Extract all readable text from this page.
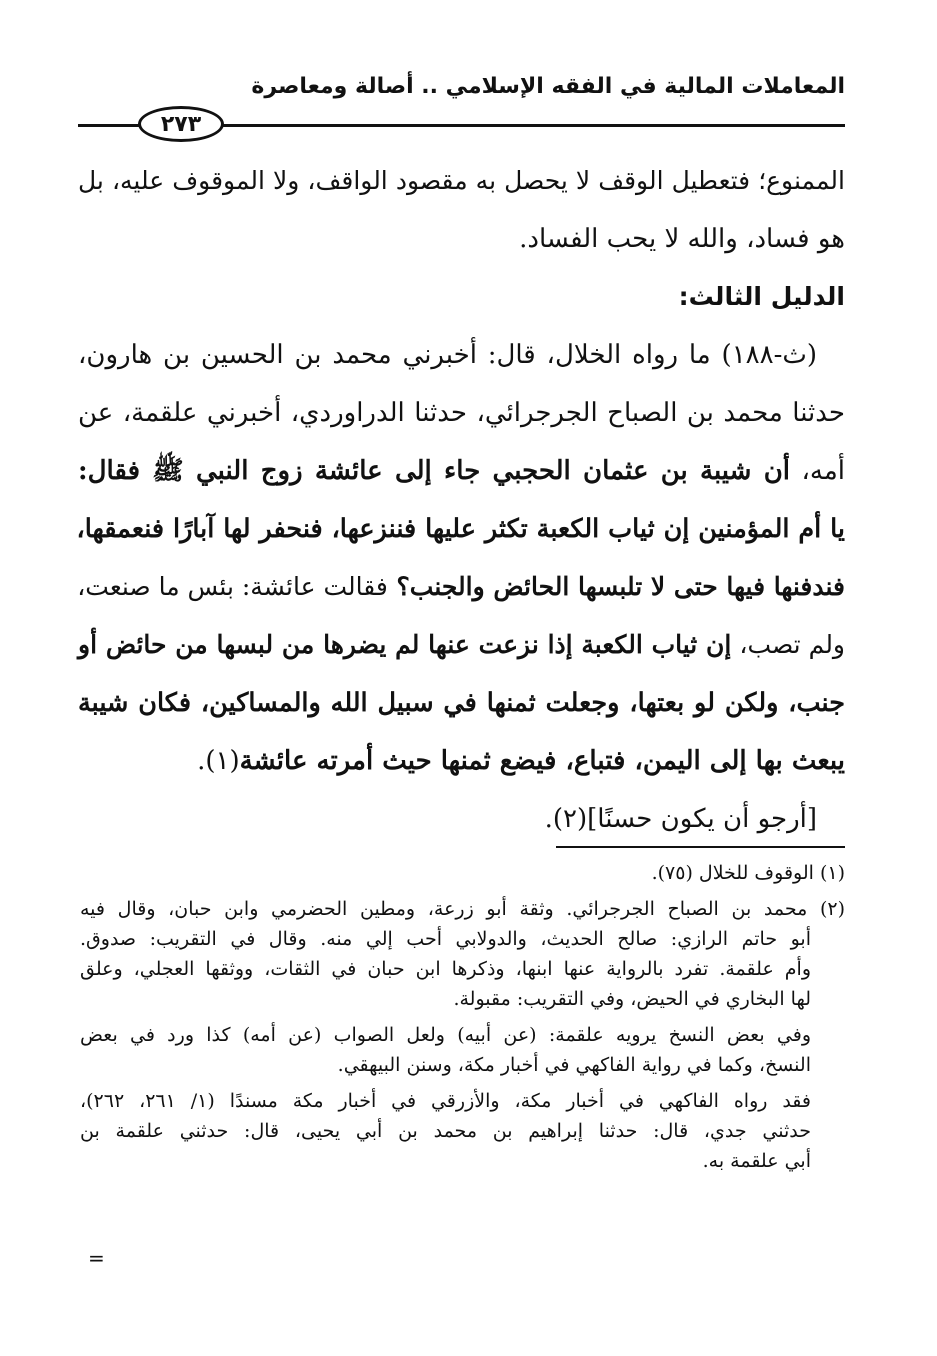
المعاملات المالية في الفقه الإسلامي .. أصالة ومعاصرة
٢٧٣
الممنوع؛ فتعطيل الوقف لا يحصل به مقصود الواقف، ولا الموقوف عليه، بل
هو فساد، والله لا يحب الفساد.
الدليل الثالث:
(ث-١٨٨) ما رواه الخلال، قال: أخبرني محمد بن الحسين بن هارون،
حدثنا محمد بن الصباح الجرجرائي، حدثنا الدراوردي، أخبرني علقمة، عن
أمه، أن شيبة بن عثمان الحجبي جاء إلى عائشة زوج النبي ﷺ فقال:
يا أم المؤمنين إن ثياب الكعبة تكثر عليها فننزعها، فنحفر لها آبارًا فنعمقها،
فندفنها فيها حتى لا تلبسها الحائض والجنب؟ فقالت عائشة: بئس ما صنعت،
ولم تصب، إن ثياب الكعبة إذا نزعت عنها لم يضرها من لبسها من حائض أو
جنب، ولكن لو بعتها، وجعلت ثمنها في سبيل الله والمساكين، فكان شيبة
يبعث بها إلى اليمن، فتباع، فيضع ثمنها حيث أمرته عائشة(١).
[أرجو أن يكون حسنًا](٢).
(١) الوقوف للخلال (٧٥).
(٢) محمد بن الصباح الجرجرائي. وثقة أبو زرعة، ومطين الحضرمي وابن حبان، وقال فيه
أبو حاتم الرازي: صالح الحديث، والدولابي أحب إلي منه. وقال في التقريب: صدوق.
وأم علقمة. تفرد بالرواية عنها ابنها، وذكرها ابن حبان في الثقات، ووثقها العجلي، وعلق
لها البخاري في الحيض، وفي التقريب: مقبولة.
وفي بعض النسخ يرويه علقمة: (عن أبيه) ولعل الصواب (عن أمه) كذا ورد في بعض
النسخ، وكما في رواية الفاكهي في أخبار مكة، وسنن البيهقي.
فقد رواه الفاكهي في أخبار مكة، والأزرقي في أخبار مكة مسندًا (١/ ٢٦١، ٢٦٢)،
حدثني جدي، قال: حدثنا إبراهيم بن محمد بن أبي يحيى، قال: حدثني علقمة بن
أبي علقمة به.
=
